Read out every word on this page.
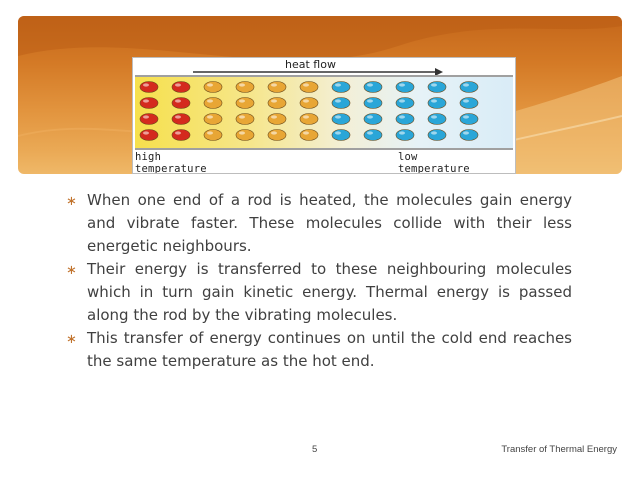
heat flow
high
temperature
low
temperature
∗ When one end of a rod is heated, the molecules gain energy and vibrate faster. These molecules collide with their less energetic neighbours.
∗ Their energy is transferred to these neighbouring molecules which in turn gain kinetic energy. Thermal energy is passed along the rod by the vibrating molecules.
∗ This transfer of energy continues on until the cold end reaches the same temperature as the hot end.
5	Transfer of Thermal Energy
